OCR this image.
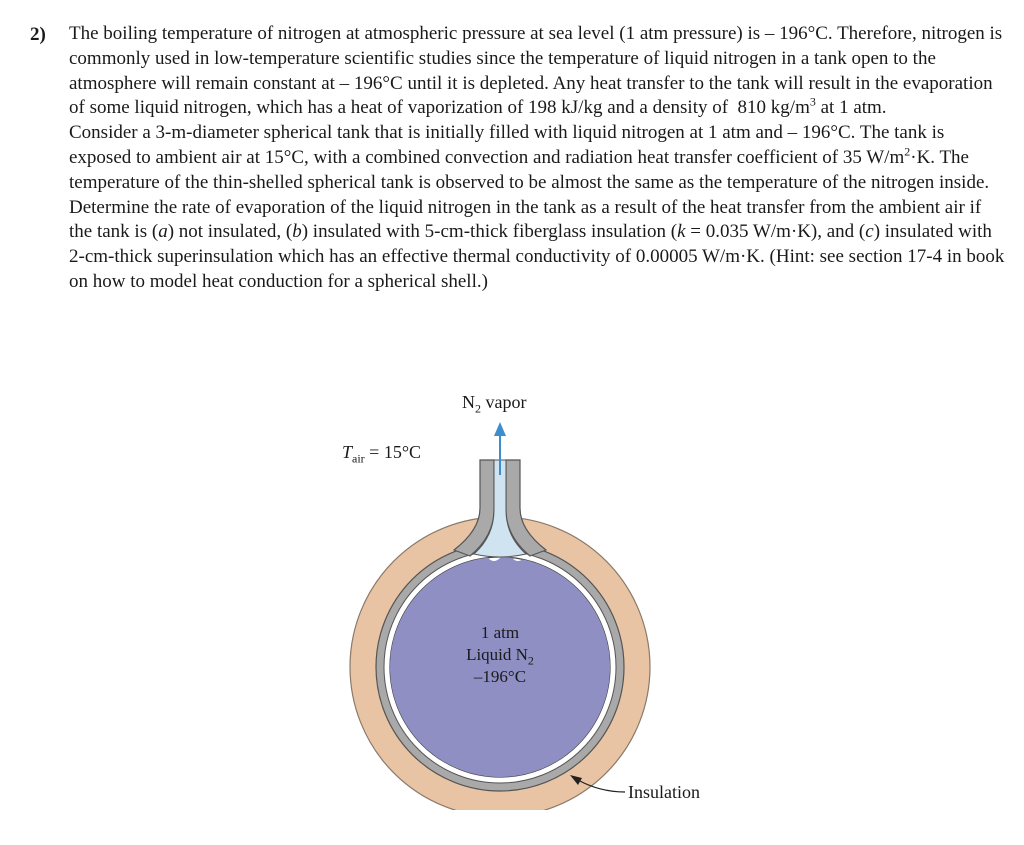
2) The boiling temperature of nitrogen at atmospheric pressure at sea level (1 atm pressure) is – 196°C. Therefore, nitrogen is commonly used in low-temperature scientific studies since the temperature of liquid nitrogen in a tank open to the atmosphere will remain constant at – 196°C until it is depleted. Any heat transfer to the tank will result in the evaporation of some liquid nitrogen, which has a heat of vaporization of 198 kJ/kg and a density of  810 $kg/m^3$ at 1 atm.

Consider a 3-m-diameter spherical tank that is initially filled with liquid nitrogen at 1 atm and – 196°C. The tank is exposed to ambient air at 15°C, with a combined convection and radiation heat transfer coefficient of 35 $W/m^2\cdot K$. The temperature of the thin-shelled spherical tank is observed to be almost the same as the temperature of the nitrogen inside. Determine the rate of evaporation of the liquid nitrogen in the tank as a result of the heat transfer from the ambient air if the tank is (a) not insulated, (b) insulated with 5-cm-thick fiberglass insulation (k = 0.035 W/m·K), and (c) insulated with 2-cm-thick superinsulation which has an effective thermal conductivity of 0.00005 W/m·K. (Hint: see section 17-4 in book on how to model heat conduction for a spherical shell.)

$N_2$ vapor
$T_{air} = 15^\circ C$
1 atm
Liquid $N_2$
–196°C
Insulation
